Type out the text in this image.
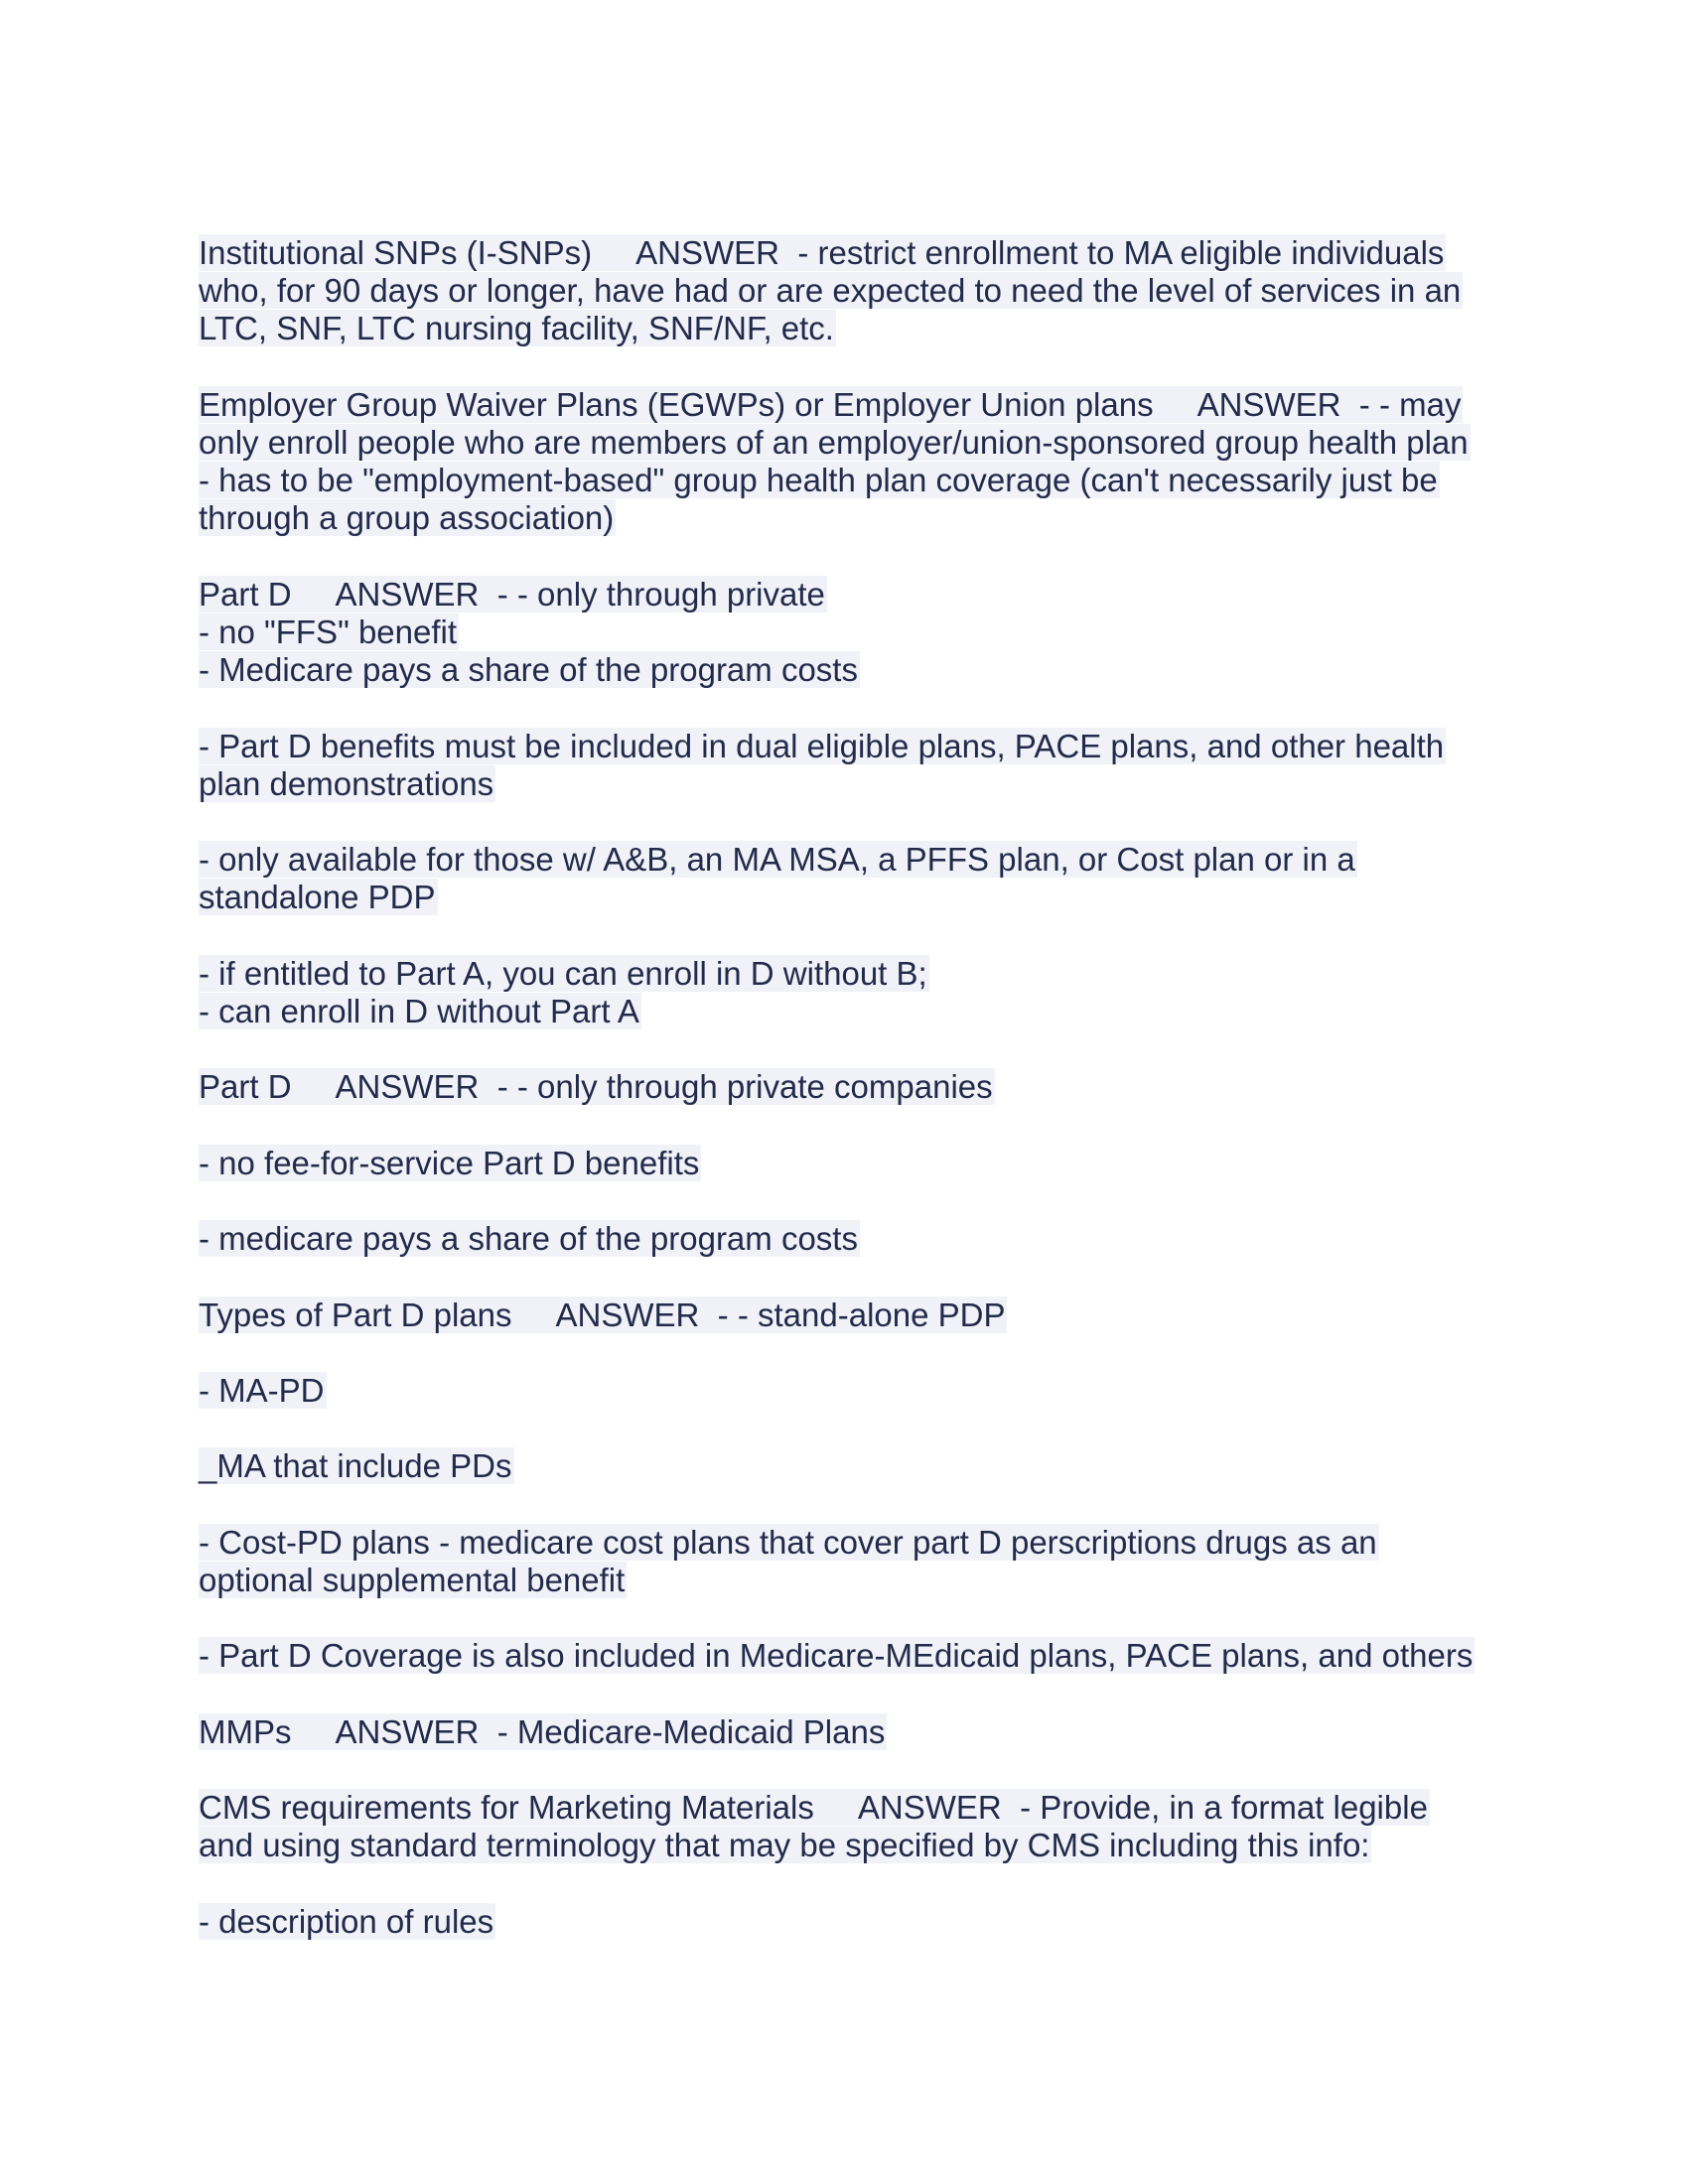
Institutional SNPs (I-SNPs)     ANSWER  - restrict enrollment to MA eligible individuals
who, for 90 days or longer, have had or are expected to need the level of services in an
LTC, SNF, LTC nursing facility, SNF/NF, etc.
Employer Group Waiver Plans (EGWPs) or Employer Union plans     ANSWER  - - may
only enroll people who are members of an employer/union-sponsored group health plan
- has to be "employment-based" group health plan coverage (can't necessarily just be
through a group association)
Part D     ANSWER  - - only through private
- no "FFS" benefit
- Medicare pays a share of the program costs
- Part D benefits must be included in dual eligible plans, PACE plans, and other health
plan demonstrations
- only available for those w/ A&B, an MA MSA, a PFFS plan, or Cost plan or in a
standalone PDP
- if entitled to Part A, you can enroll in D without B;
- can enroll in D without Part A
Part D     ANSWER  - - only through private companies
- no fee-for-service Part D benefits
- medicare pays a share of the program costs
Types of Part D plans     ANSWER  - - stand-alone PDP
- MA-PD
_MA that include PDs
- Cost-PD plans - medicare cost plans that cover part D perscriptions drugs as an
optional supplemental benefit
- Part D Coverage is also included in Medicare-MEdicaid plans, PACE plans, and others
MMPs     ANSWER  - Medicare-Medicaid Plans
CMS requirements for Marketing Materials     ANSWER  - Provide, in a format legible
and using standard terminology that may be specified by CMS including this info:
- description of rules
